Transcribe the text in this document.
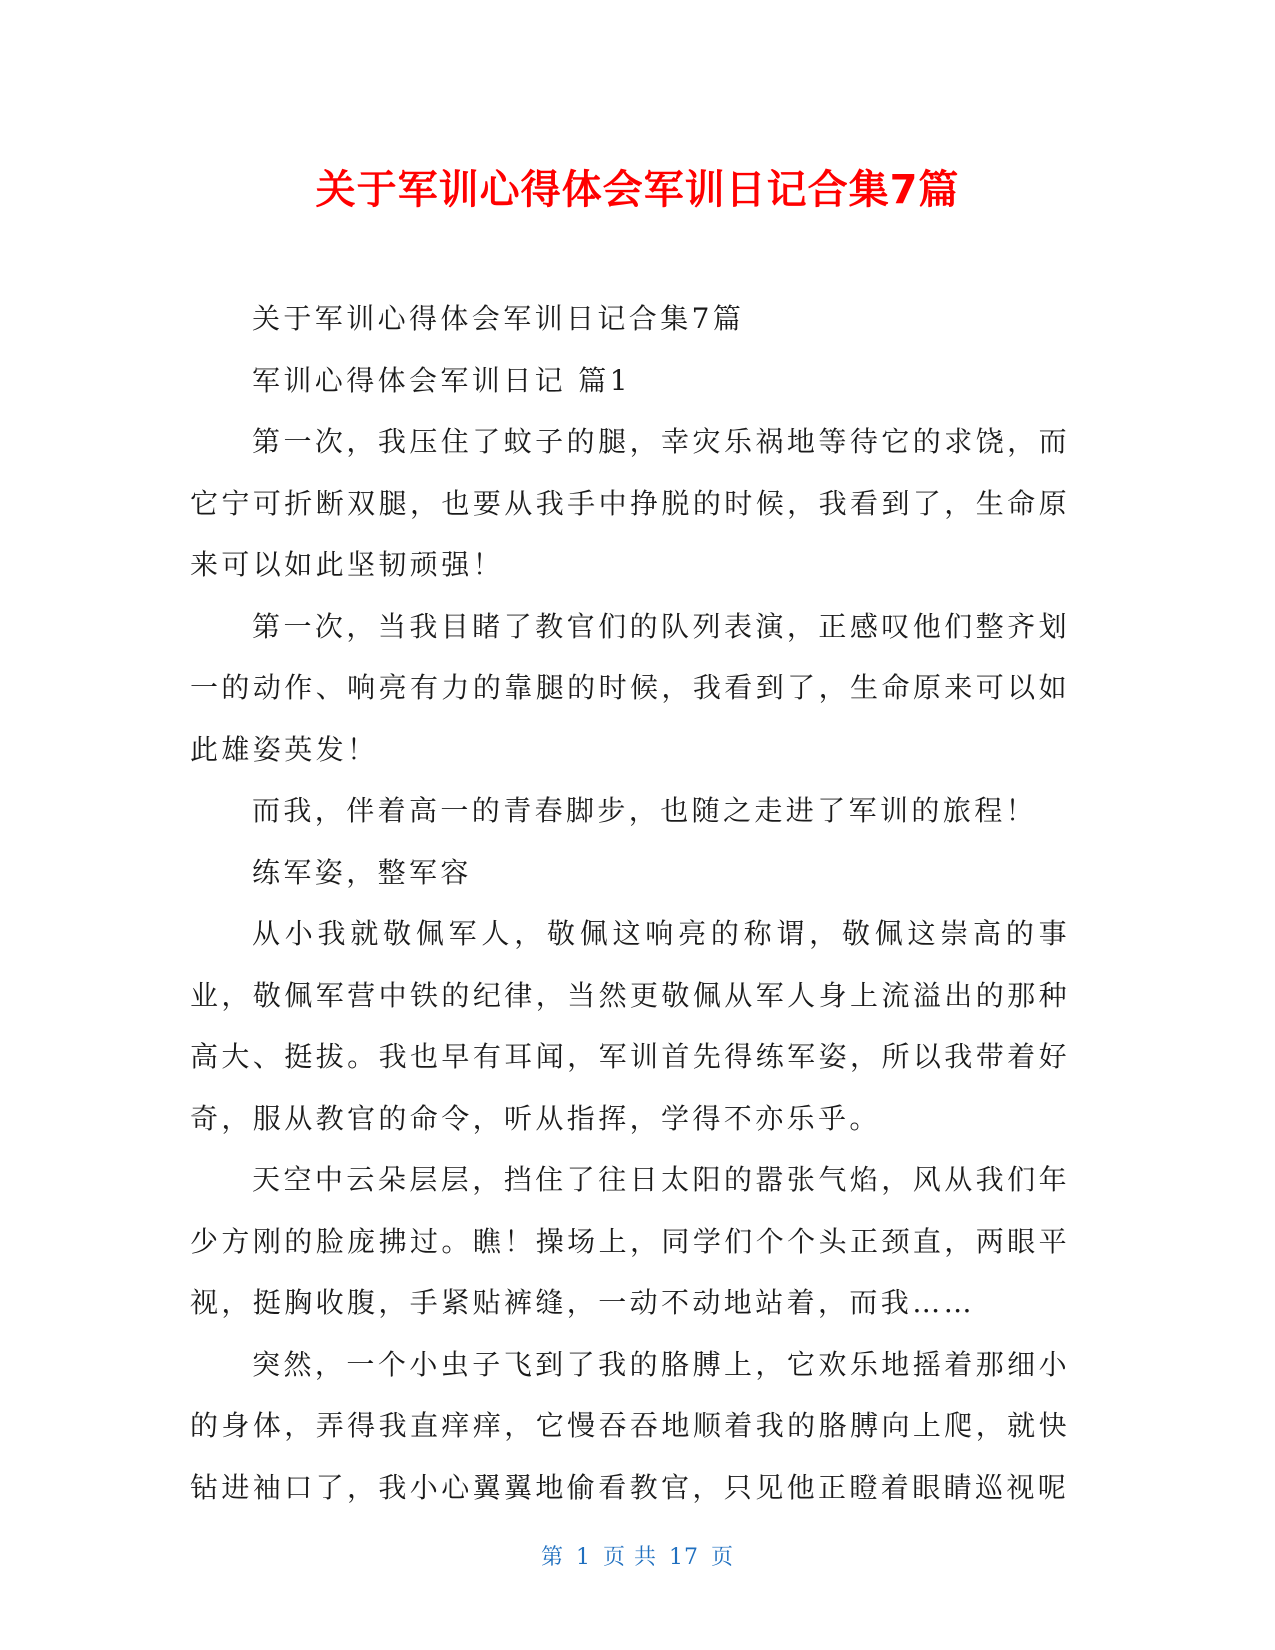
关于军训心得体会军训日记合集7篇

关于军训心得体会军训日记合集7篇

军训心得体会军训日记 篇1

第一次，我压住了蚊子的腿，幸灾乐祸地等待它的求饶，而它宁可折断双腿，也要从我手中挣脱的时候，我看到了，生命原来可以如此坚韧顽强！

第一次，当我目睹了教官们的队列表演，正感叹他们整齐划一的动作、响亮有力的靠腿的时候，我看到了，生命原来可以如此雄姿英发！

而我，伴着高一的青春脚步，也随之走进了军训的旅程！

练军姿，整军容

从小我就敬佩军人，敬佩这响亮的称谓，敬佩这崇高的事业，敬佩军营中铁的纪律，当然更敬佩从军人身上流溢出的那种高大、挺拔。我也早有耳闻，军训首先得练军姿，所以我带着好奇，服从教官的命令，听从指挥，学得不亦乐乎。

天空中云朵层层，挡住了往日太阳的嚣张气焰，风从我们年少方刚的脸庞拂过。瞧！操场上，同学们个个头正颈直，两眼平视，挺胸收腹，手紧贴裤缝，一动不动地站着，而我……

突然，一个小虫子飞到了我的胳膊上，它欢乐地摇着那细小的身体，弄得我直痒痒，它慢吞吞地顺着我的胳膊向上爬，就快钻进袖口了，我小心翼翼地偷看教官，只见他正瞪着眼睛巡视呢

第 1 页 共 17 页
